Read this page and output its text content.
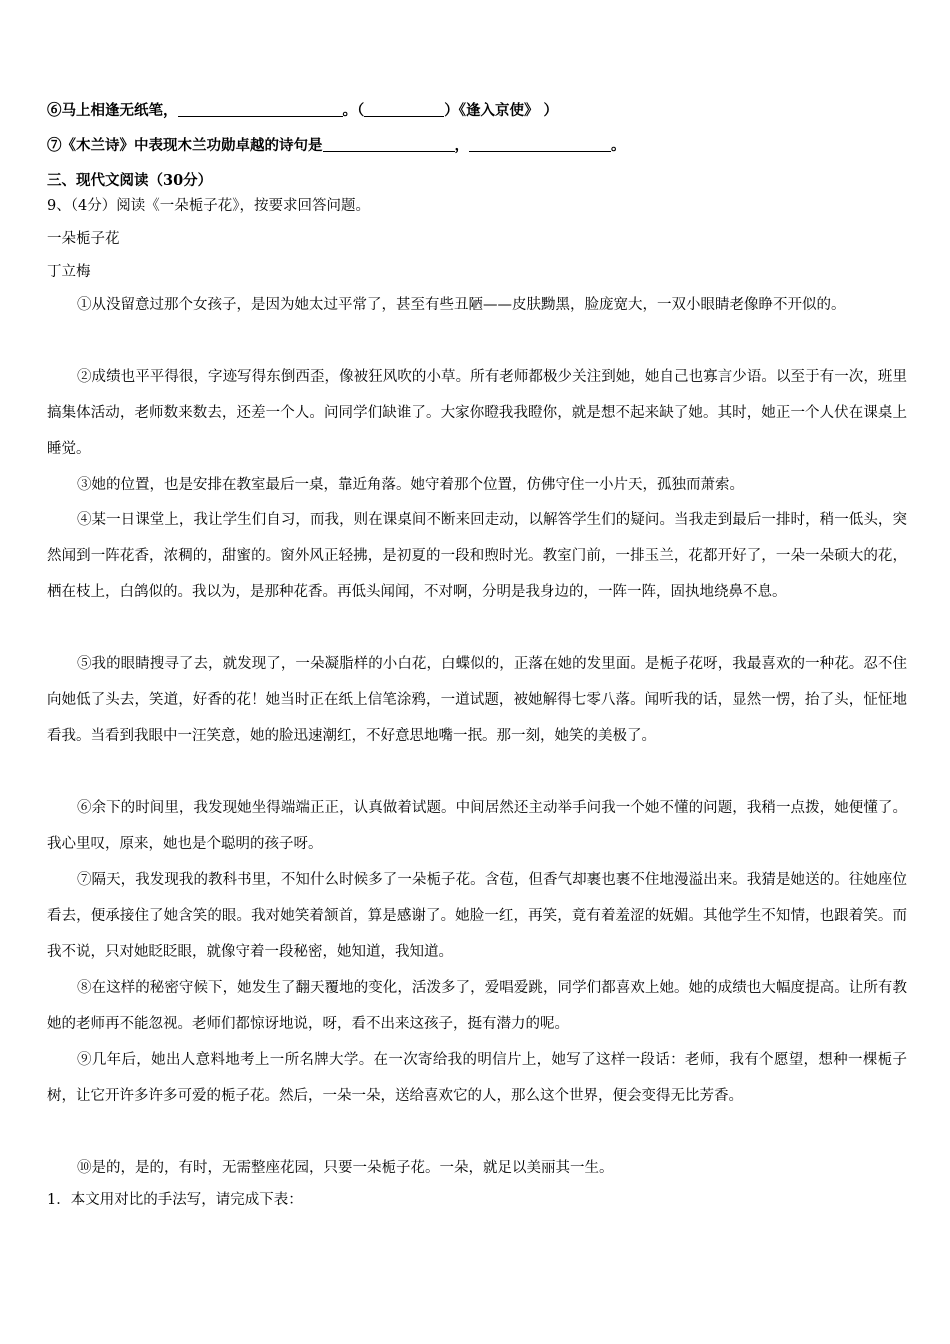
⑥马上相逢无纸笔，	。（	）《逢入京使》 ）
⑦《木兰诗》中表现木兰功勋卓越的诗句是	，	。
三、现代文阅读（30分）
9、（4分）阅读《一朵栀子花》，按要求回答问题。
一朵栀子花
丁立梅
①从没留意过那个女孩子，是因为她太过平常了，甚至有些丑陋——皮肤黝黑，脸庞宽大，一双小眼睛老像睁不开似的。
②成绩也平平得很，字迹写得东倒西歪，像被狂风吹的小草。所有老师都极少关注到她，她自己也寡言少语。以至于有一次，班里搞集体活动，老师数来数去，还差一个人。问同学们缺谁了。大家你瞪我我瞪你，就是想不起来缺了她。其时，她正一个人伏在课桌上睡觉。
③她的位置，也是安排在教室最后一桌，靠近角落。她守着那个位置，仿佛守住一小片天，孤独而萧索。
④某一日课堂上，我让学生们自习，而我，则在课桌间不断来回走动，以解答学生们的疑问。当我走到最后一排时，稍一低头，突然闻到一阵花香，浓稠的，甜蜜的。窗外风正轻拂，是初夏的一段和煦时光。教室门前，一排玉兰，花都开好了，一朵一朵硕大的花，栖在枝上，白鸽似的。我以为，是那种花香。再低头闻闻，不对啊，分明是我身边的，一阵一阵，固执地绕鼻不息。
⑤我的眼睛搜寻了去，就发现了，一朵凝脂样的小白花，白蝶似的，正落在她的发里面。是栀子花呀，我最喜欢的一种花。忍不住向她低了头去，笑道，好香的花！她当时正在纸上信笔涂鸦，一道试题，被她解得七零八落。闻听我的话，显然一愣，抬了头，怔怔地看我。当看到我眼中一汪笑意，她的脸迅速潮红，不好意思地嘴一抿。那一刻，她笑的美极了。
⑥余下的时间里，我发现她坐得端端正正，认真做着试题。中间居然还主动举手问我一个她不懂的问题，我稍一点拨，她便懂了。我心里叹，原来，她也是个聪明的孩子呀。
⑦隔天，我发现我的教科书里，不知什么时候多了一朵栀子花。含苞，但香气却裹也裹不住地漫溢出来。我猜是她送的。往她座位看去，便承接住了她含笑的眼。我对她笑着颔首，算是感谢了。她脸一红，再笑，竟有着羞涩的妩媚。其他学生不知情，也跟着笑。而我不说，只对她眨眨眼，就像守着一段秘密，她知道，我知道。
⑧在这样的秘密守候下，她发生了翻天覆地的变化，活泼多了，爱唱爱跳，同学们都喜欢上她。她的成绩也大幅度提高。让所有教她的老师再不能忽视。老师们都惊讶地说，呀，看不出来这孩子，挺有潜力的呢。
⑨几年后，她出人意料地考上一所名牌大学。在一次寄给我的明信片上，她写了这样一段话：老师，我有个愿望，想种一棵栀子树，让它开许多许多可爱的栀子花。然后，一朵一朵，送给喜欢它的人，那么这个世界，便会变得无比芳香。
⑩是的，是的，有时，无需整座花园，只要一朵栀子花。一朵，就足以美丽其一生。
1．本文用对比的手法写，请完成下表：
